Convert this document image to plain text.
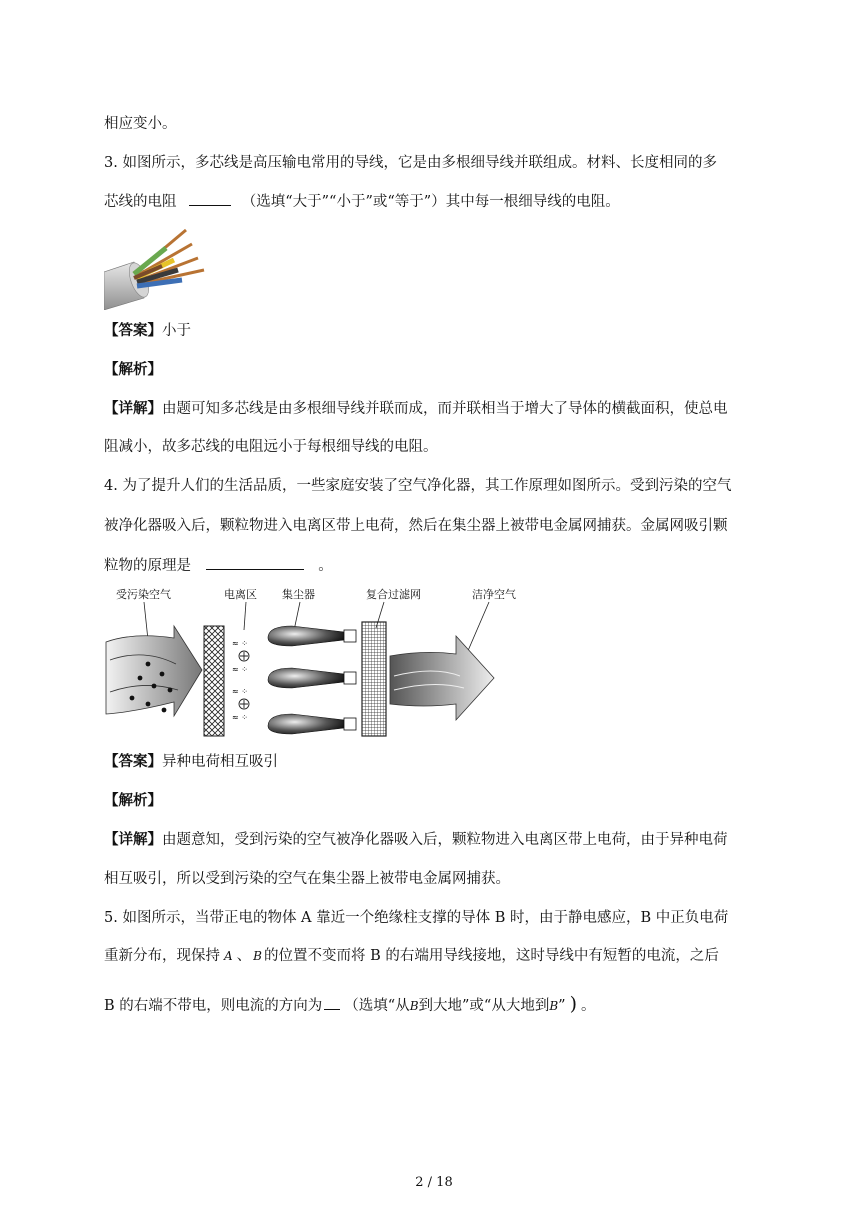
相应变小。
3. 如图所示，多芯线是高压输电常用的导线，它是由多根细导线并联组成。材料、长度相同的多
芯线的电阻	（选填“大于”“小于”或“等于”）其中每一根细导线的电阻。
【答案】小于
【解析】
【详解】由题可知多芯线是由多根细导线并联而成，而并联相当于增大了导体的横截面积，使总电
阻减小，故多芯线的电阻远小于每根细导线的电阻。
4. 为了提升人们的生活品质，一些家庭安装了空气净化器，其工作原理如图所示。受到污染的空气
被净化器吸入后，颗粒物进入电离区带上电荷，然后在集尘器上被带电金属网捕获。金属网吸引颗
粒物的原理是	。
受污染空气	电离区 集尘器	复合过滤网	洁净空气
≈ ⁘
≈ ⁘
≈ ⁘
≈ ⁘
【答案】异种电荷相互吸引
【解析】
【详解】由题意知，受到污染的空气被净化器吸入后，颗粒物进入电离区带上电荷，由于异种电荷
相互吸引，所以受到污染的空气在集尘器上被带电金属网捕获。
5. 如图所示，当带正电的物体 A 靠近一个绝缘柱支撑的导体 B 时，由于静电感应，B 中正负电荷
重新分布，现保持 A 、 B 的位置不变而将 B 的右端用导线接地，这时导线中有短暂的电流，之后
B 的右端不带电，则电流的方向为 （选填“从B到大地”或“从大地到B” ) 。
2 / 18
